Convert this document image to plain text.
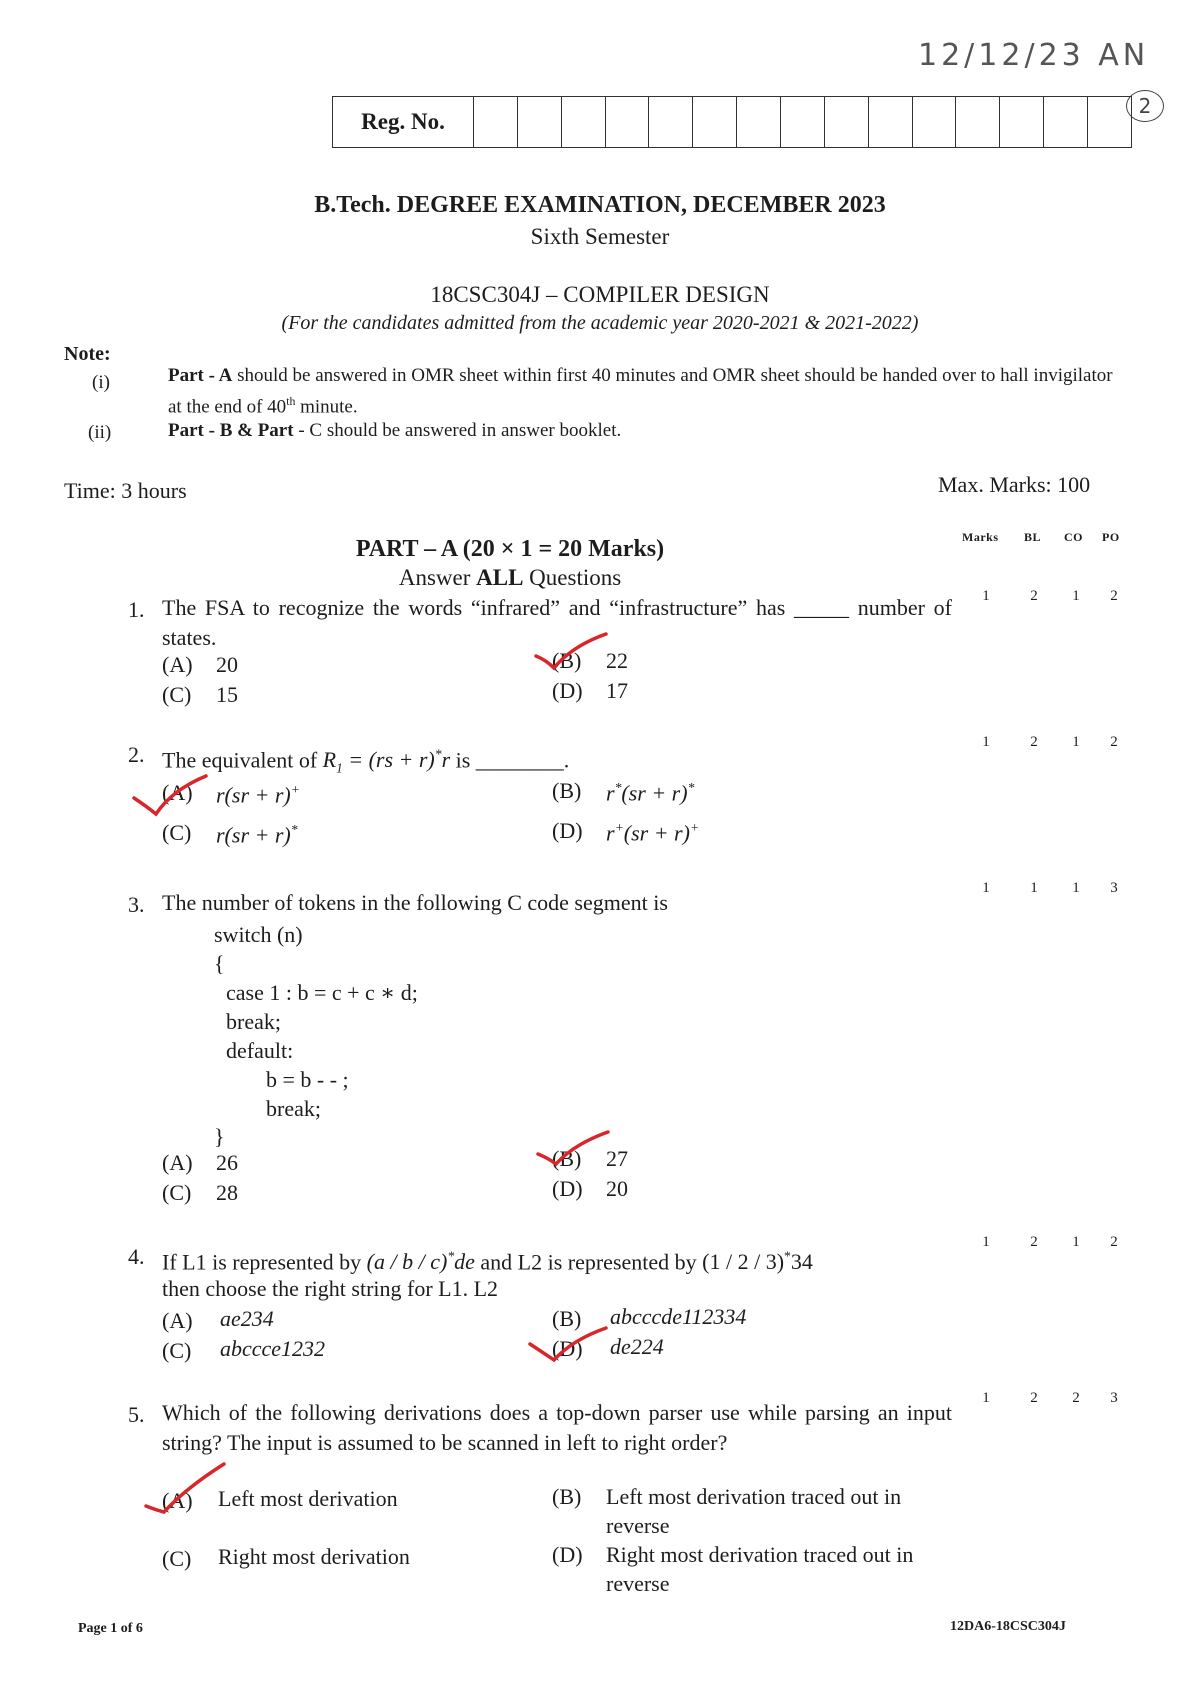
12/12/23 AN
2
Reg. No.
B.Tech. DEGREE EXAMINATION, DECEMBER 2023
Sixth Semester
18CSC304J – COMPILER DESIGN
(For the candidates admitted from the academic year 2020-2021 & 2021-2022)
Note:
(i)	Part - A should be answered in OMR sheet within first 40 minutes and OMR sheet should be handed over to hall invigilator at the end of 40th minute.
(ii)	Part - B & Part - C should be answered in answer booklet.
Time: 3 hours	Max. Marks: 100
PART – A (20 × 1 = 20 Marks)
Answer ALL Questions
Marks BL CO PO
1. The FSA to recognize the words “infrared” and “infrastructure” has _____ number of states.
(A) 20	(B) 22
(C) 15	(D) 17
1	2	1	2
2. The equivalent of $R_1 = (rs + r)^*r$ is ________.
(A) r(sr + r)+	(B) r*(sr + r)*
(C) r(sr + r)*	(D) r+(sr + r)+
1	2	1	2
3. The number of tokens in the following C code segment is
switch (n)
{
case 1 : b = c + c ∗ d;
break;
default:
b = b - - ;
break;
}
(A) 26	(B) 27
(C) 28	(D) 20
1	1	1	3
4. If L1 is represented by (a / b / c)*de and L2 is represented by (1 / 2 / 3)*34
then choose the right string for L1. L2
(A) ae234	(B) abcccde112334
(C) abccce1232	(D) de224
1	2	1	2
5. Which of the following derivations does a top-down parser use while parsing an input string? The input is assumed to be scanned in left to right order?
(A) Left most derivation	(B) Left most derivation traced out in reverse
(C) Right most derivation	(D) Right most derivation traced out in reverse
1	2	2	3
Page 1 of 6	12DA6-18CSC304J
